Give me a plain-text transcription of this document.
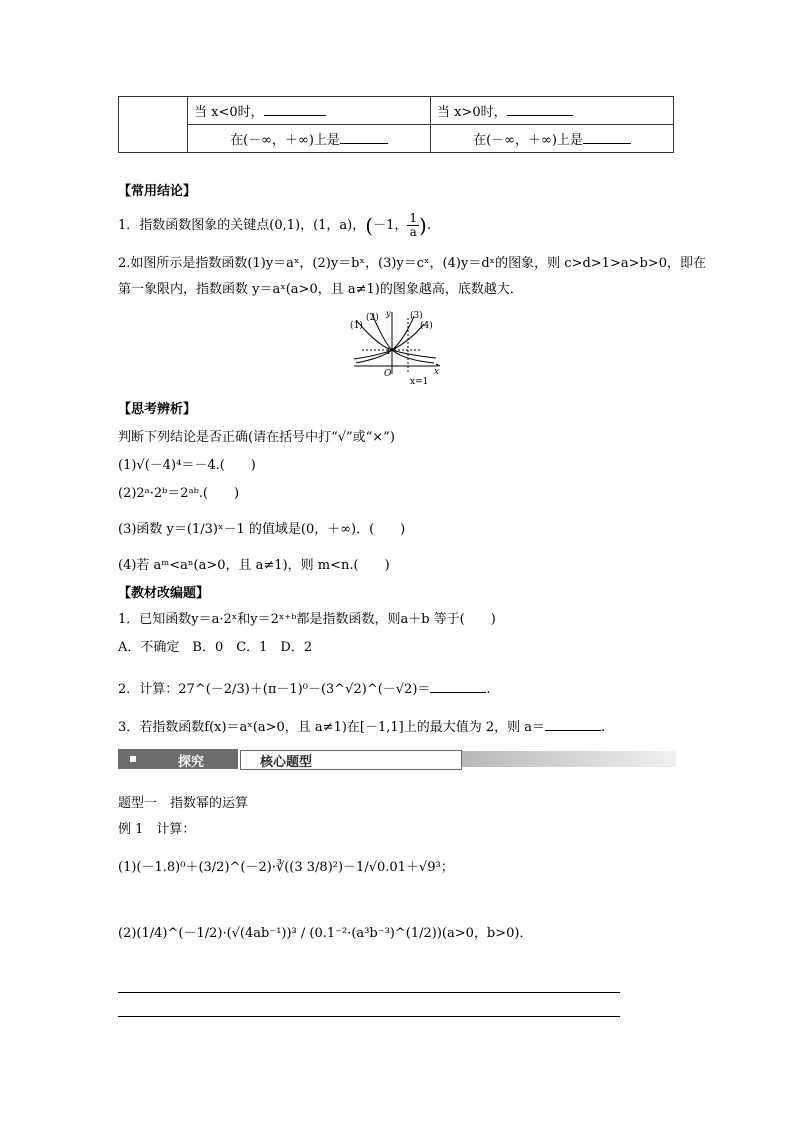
	当 x<0时，	当 x>0时，
	在(－∞，＋∞)上是	在(－∞，＋∞)上是
【常用结论】
1．指数函数图象的关键点(0,1)，(1，a)，(－1， $\frac{1}{a}$ ).
2.如图所示是指数函数(1)y＝aˣ，(2)y＝bˣ，(3)y＝cˣ，(4)y＝dˣ的图象，则 c>d>1>a>b>0，即在
第一象限内，指数函数 y＝aˣ(a>0，且 a≠1)的图象越高，底数越大．
(1)
(2)	(3)
(4)
y
x
O
1
x=1
【思考辨析】
判断下列结论是否正确(请在括号中打“√”或“×”)
(1)√(－4)⁴＝－4.(　　)
(2)2ᵃ·2ᵇ＝2ᵃᵇ.(　　)
(3)函数 y＝(1/3)ˣ－1 的值域是(0，＋∞)．(　　)
(4)若 aᵐ<aⁿ(a>0，且 a≠1)，则 m<n.(　　)
【教材改编题】
1．已知函数y＝a·2ˣ和y＝2ˣ⁺ᵇ都是指数函数，则a＋b 等于(　　)
A．不确定　B．0　C．1　D．2
2．计算：27^(－2/3)＋(π－1)⁰－(3^√2)^(－√2)＝	.
3．若指数函数f(x)＝aˣ(a>0，且 a≠1)在[－1,1]上的最大值为 2，则 a＝	.
探究	核心题型
题型一　指数幂的运算
例 1　计算：
(1)(－1.8)⁰＋(3/2)^(－2)·∛((3 3/8)²)－1/√0.01＋√9³；
(2)(1/4)^(－1/2)·(√(4ab⁻¹))³ / (0.1⁻²·(a³b⁻³)^(1/2))(a>0，b>0)．
